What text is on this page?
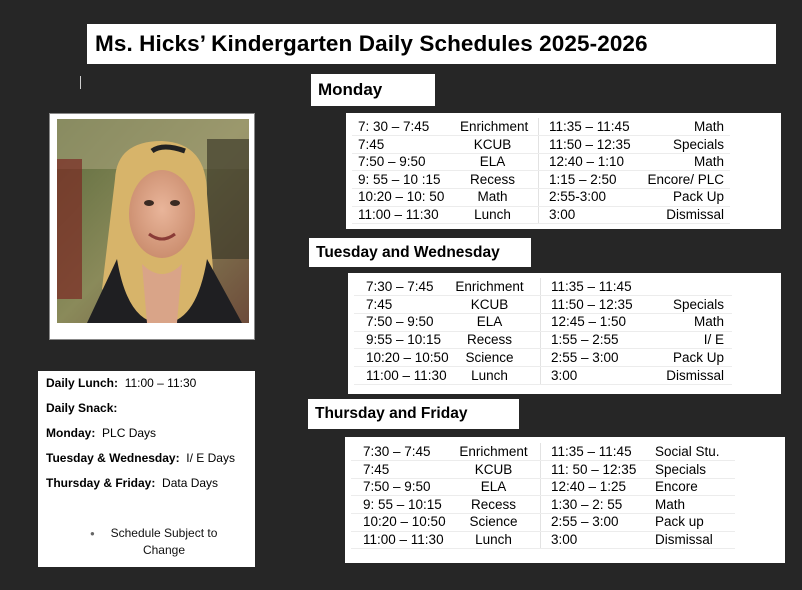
Ms. Hicks’ Kindergarten Daily Schedules 2025-2026
Daily Lunch: 11:00 – 11:30
Daily Snack:
Monday: PLC Days
Tuesday & Wednesday: I/ E Days
Thursday & Friday: Data Days
●	Schedule Subject to
Change
Monday
7: 30 – 7:45 Enrichment 11:35 – 11:45	Math
7:45	KCUB	11:50 – 12:35	Specials
7:50 – 9:50	ELA	12:40 – 1:10	Math
9: 55 – 10 :15	Recess	1:15 – 2:50 Encore/ PLC
10:20 – 10: 50	Math	2:55-3:00	Pack Up
11:00 – 11:30	Lunch	3:00	Dismissal
Tuesday and Wednesday
7:30 – 7:45 Enrichment 11:35 – 11:45
7:45	KCUB	11:50 – 12:35	Specials
7:50 – 9:50	ELA	12:45 – 1:50	Math
9:55 – 10:15	Recess	1:55 – 2:55	I/ E
10:20 – 10:50	Science	2:55 – 3:00	Pack Up
11:00 – 11:30	Lunch	3:00	Dismissal
Thursday and Friday
7:30 – 7:45 Enrichment 11:35 – 11:45 Social Stu.
7:45	KCUB	11: 50 – 12:35 Specials
7:50 – 9:50	ELA	12:40 – 1:25 Encore
9: 55 – 10:15	Recess	1:30 – 2: 55 Math
10:20 – 10:50	Science	2:55 – 3:00	Pack up
11:00 – 11:30	Lunch	3:00	Dismissal
